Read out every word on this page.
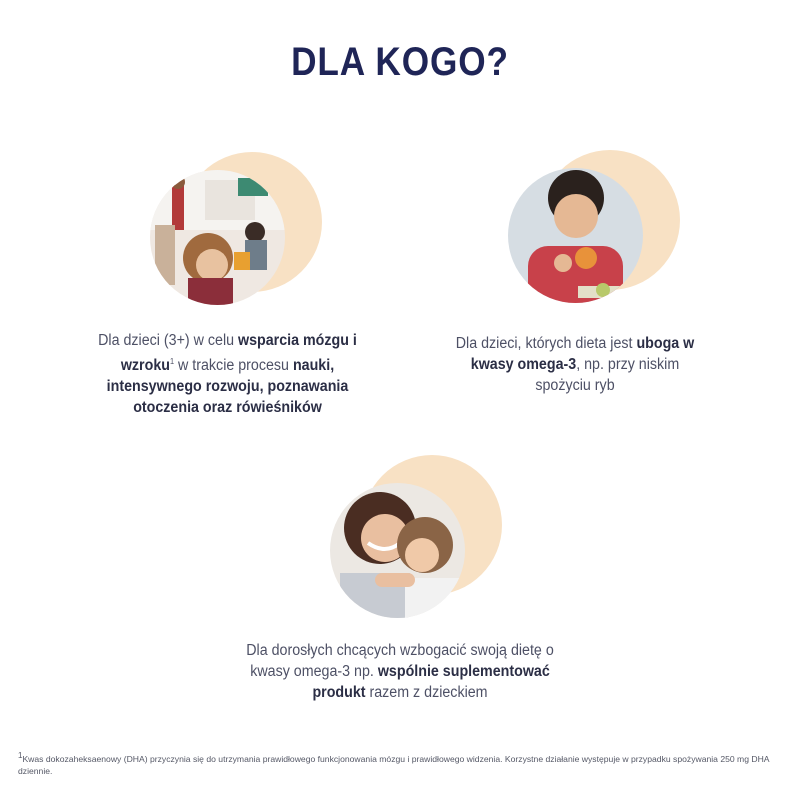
DLA KOGO?
Dla dzieci (3+) w celu wsparcia mózgu i wzroku$^1$ w trakcie procesu nauki, intensywnego rozwoju, poznawania otoczenia oraz rówieśników
Dla dzieci, których dieta jest uboga w kwasy omega-3, np. przy niskim spożyciu ryb
Dla dorosłych chcących wzbogacić swoją dietę o kwasy omega-3 np. wspólnie suplementować produkt razem z dzieckiem
1Kwas dokozaheksaenowy (DHA) przyczynia się do utrzymania prawidłowego funkcjonowania mózgu i prawidłowego widzenia. Korzystne działanie występuje w przypadku spożywania 250 mg DHA dziennie.
